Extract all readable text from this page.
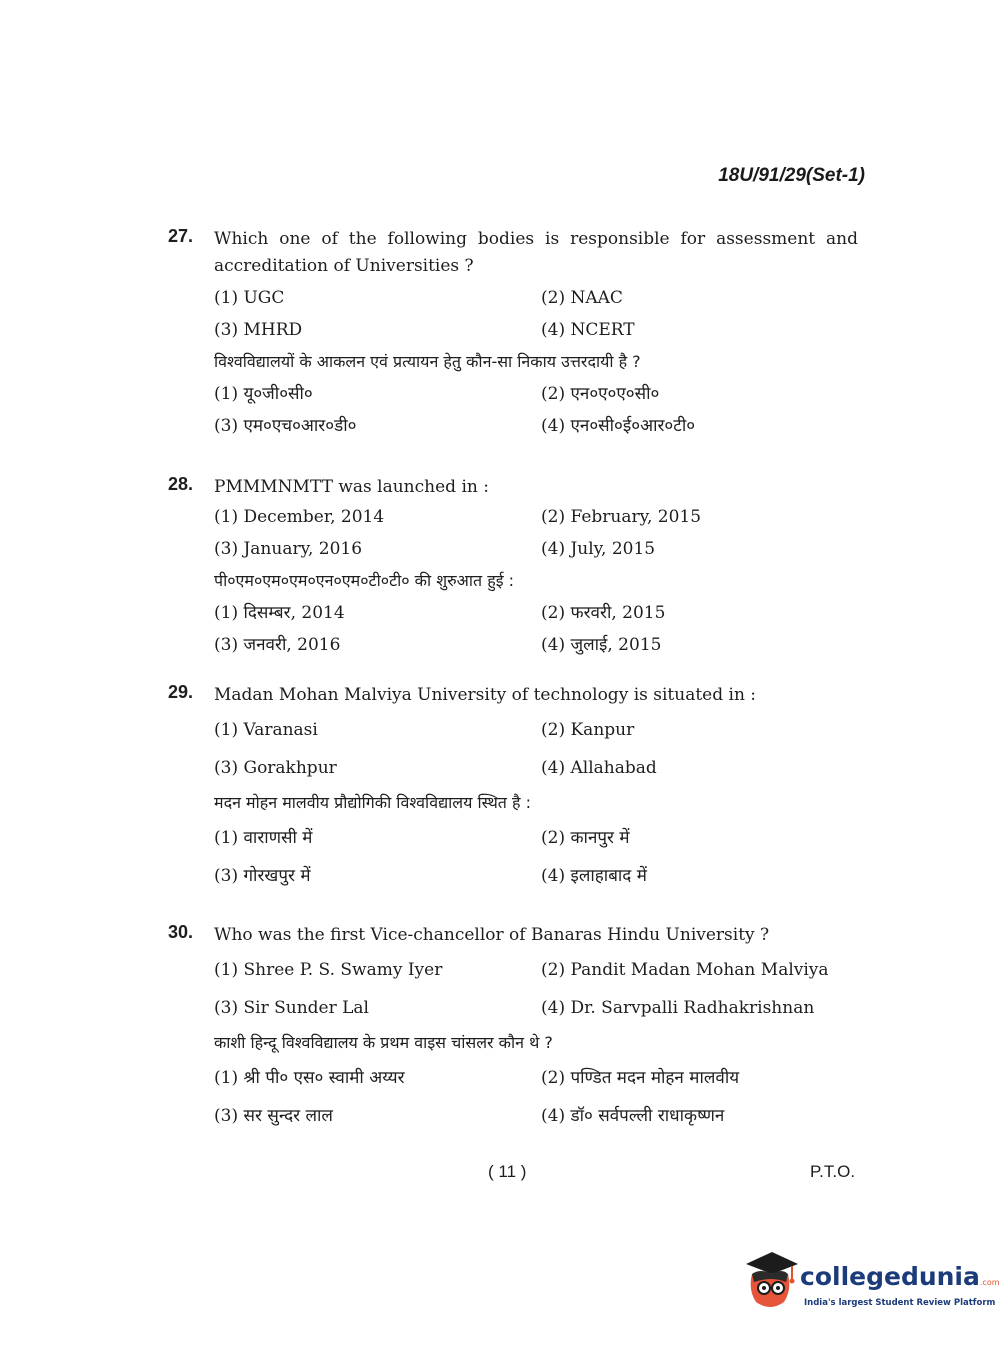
18U/91/29(Set-1)
27. Which one of the following bodies is responsible for assessment and accreditation of Universities ?
(1) UGC	(2) NAAC
(3) MHRD	(4) NCERT
विश्वविद्यालयों के आकलन एवं प्रत्यायन हेतु कौन-सा निकाय उत्तरदायी है ?
(1) यू०जी०सी०	(2) एन०ए०ए०सी०
(3) एम०एच०आर०डी०	(4) एन०सी०ई०आर०टी०
28. PMMMNMTT was launched in :
(1) December, 2014	(2) February, 2015
(3) January, 2016	(4) July, 2015
पी०एम०एम०एम०एन०एम०टी०टी० की शुरुआत हुई :
(1) दिसम्बर, 2014	(2) फरवरी, 2015
(3) जनवरी, 2016	(4) जुलाई, 2015
29. Madan Mohan Malviya University of technology is situated in :
(1) Varanasi	(2) Kanpur
(3) Gorakhpur	(4) Allahabad
मदन मोहन मालवीय प्रौद्योगिकी विश्वविद्यालय स्थित है :
(1) वाराणसी में	(2) कानपुर में
(3) गोरखपुर में	(4) इलाहाबाद में
30. Who was the first Vice-chancellor of Banaras Hindu University ?
(1) Shree P. S. Swamy Iyer	(2) Pandit Madan Mohan Malviya
(3) Sir Sunder Lal	(4) Dr. Sarvpalli Radhakrishnan
काशी हिन्दू विश्वविद्यालय के प्रथम वाइस चांसलर कौन थे ?
(1) श्री पी० एस० स्वामी अय्यर	(2) पण्डित मदन मोहन मालवीय
(3) सर सुन्दर लाल	(4) डॉ० सर्वपल्ली राधाकृष्णन
( 11 )	P.T.O.
collegedunia.com
India's largest Student Review Platform
